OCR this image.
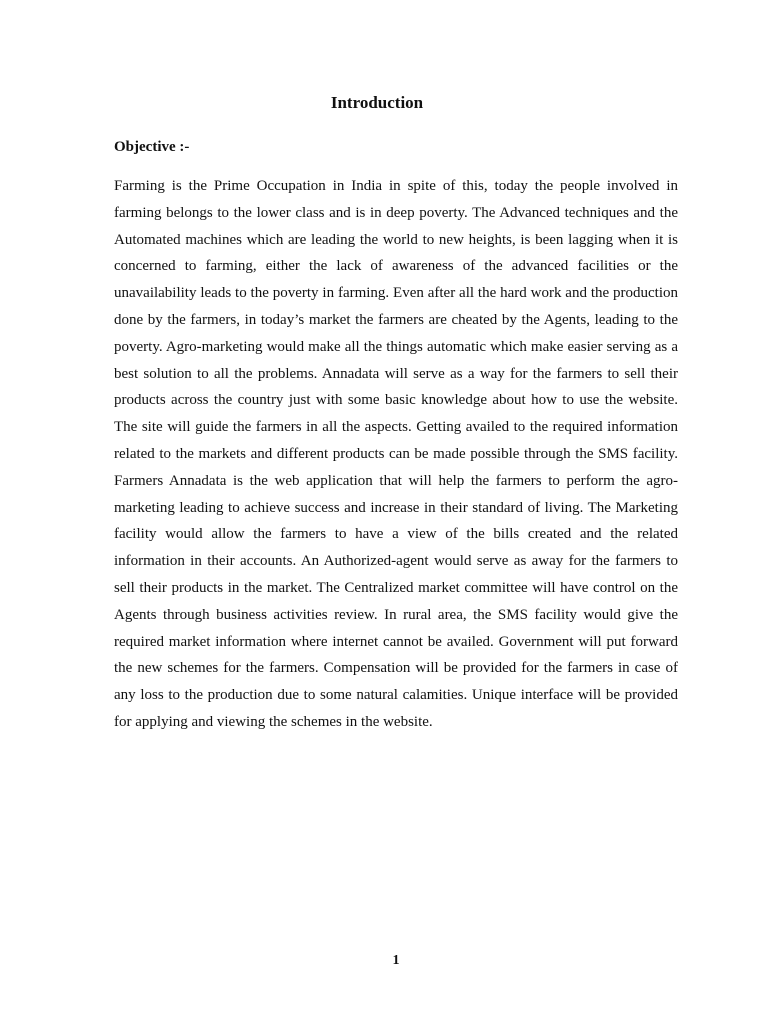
Introduction
Objective :-

Farming is the Prime Occupation in India in spite of this, today the people involved in farming belongs to the lower class and is in deep poverty. The Advanced techniques and the Automated machines which are leading the world to new heights, is been lagging when it is concerned to farming, either the lack of awareness of the advanced facilities or the unavailability leads to the poverty in farming. Even after all the hard work and the production done by the farmers, in today’s market the farmers are cheated by the Agents, leading to the poverty. Agro-marketing would make all the things automatic which make easier serving as a best solution to all the problems. Annadata will serve as a way for the farmers to sell their products across the country just with some basic knowledge about how to use the website. The site will guide the farmers in all the aspects. Getting availed to the required information related to the markets and different products can be made possible through the SMS facility. Farmers Annadata is the web application that will help the farmers to perform the agro-marketing leading to achieve success and increase in their standard of living. The Marketing facility would allow the farmers to have a view of the bills created and the related information in their accounts. An Authorized-agent would serve as away for the farmers to sell their products in the market. The Centralized market committee will have control on the Agents through business activities review. In rural area, the SMS facility would give the required market information where internet cannot be availed. Government will put forward the new schemes for the farmers. Compensation will be provided for the farmers in case of any loss to the production due to some natural calamities. Unique interface will be provided for applying and viewing the schemes in the website.

1
